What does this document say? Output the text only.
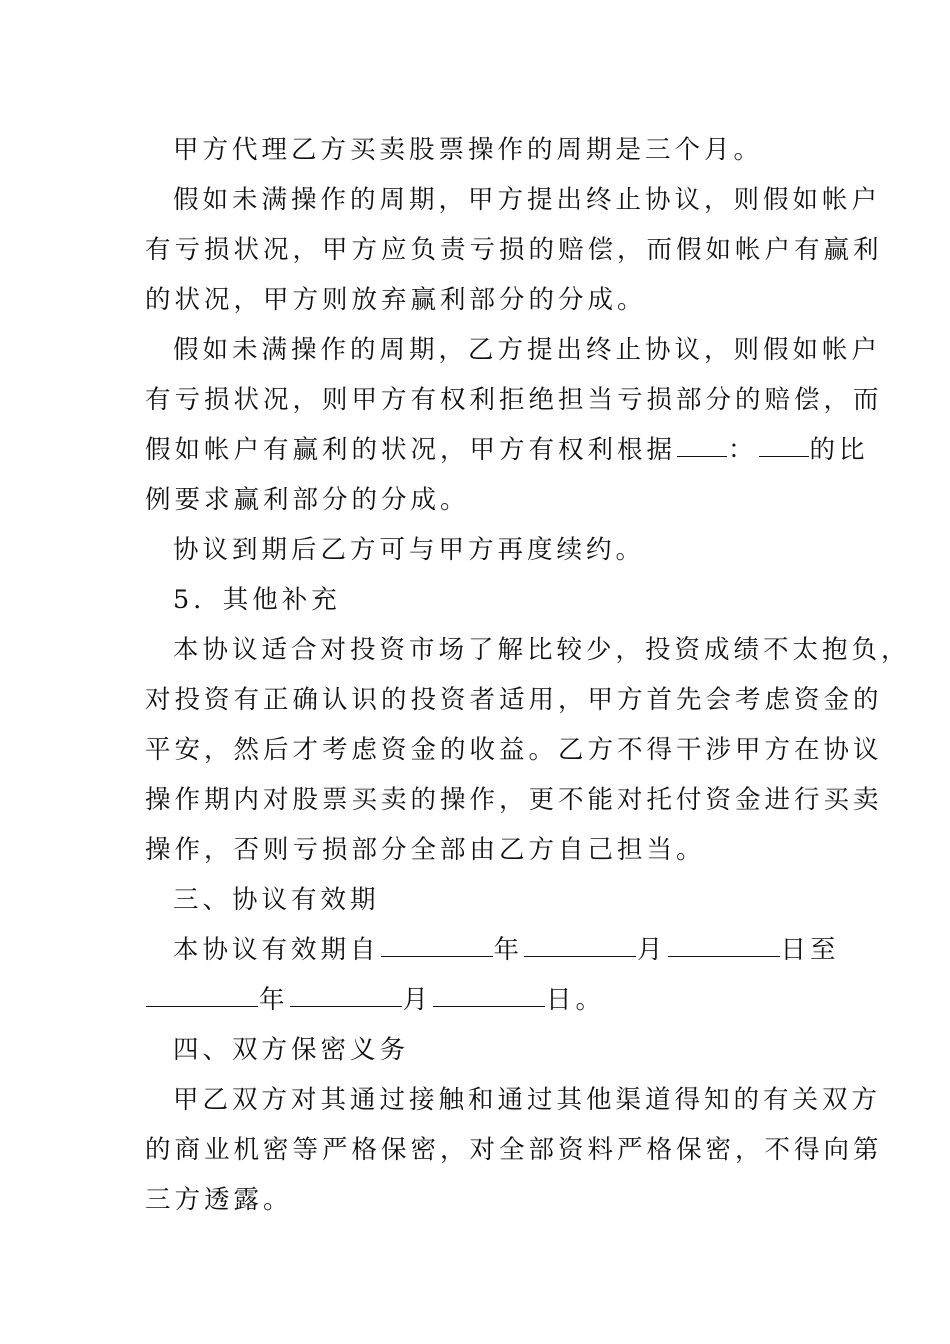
甲方代理乙方买卖股票操作的周期是三个月。
假如未满操作的周期，甲方提出终止协议，则假如帐户
有亏损状况，甲方应负责亏损的赔偿，而假如帐户有赢利
的状况，甲方则放弃赢利部分的分成。
假如未满操作的周期，乙方提出终止协议，则假如帐户
有亏损状况，则甲方有权利拒绝担当亏损部分的赔偿，而
假如帐户有赢利的状况，甲方有权利根据 ： 的比
例要求赢利部分的分成。
协议到期后乙方可与甲方再度续约。
5．其他补充
本协议适合对投资市场了解比较少，投资成绩不太抱负，
对投资有正确认识的投资者适用，甲方首先会考虑资金的
平安，然后才考虑资金的收益。乙方不得干涉甲方在协议
操作期内对股票买卖的操作，更不能对托付资金进行买卖
操作，否则亏损部分全部由乙方自己担当。
三、协议有效期
本协议有效期自	年	月	日至
年	月	日。
四、双方保密义务
甲乙双方对其通过接触和通过其他渠道得知的有关双方
的商业机密等严格保密，对全部资料严格保密，不得向第
三方透露。
